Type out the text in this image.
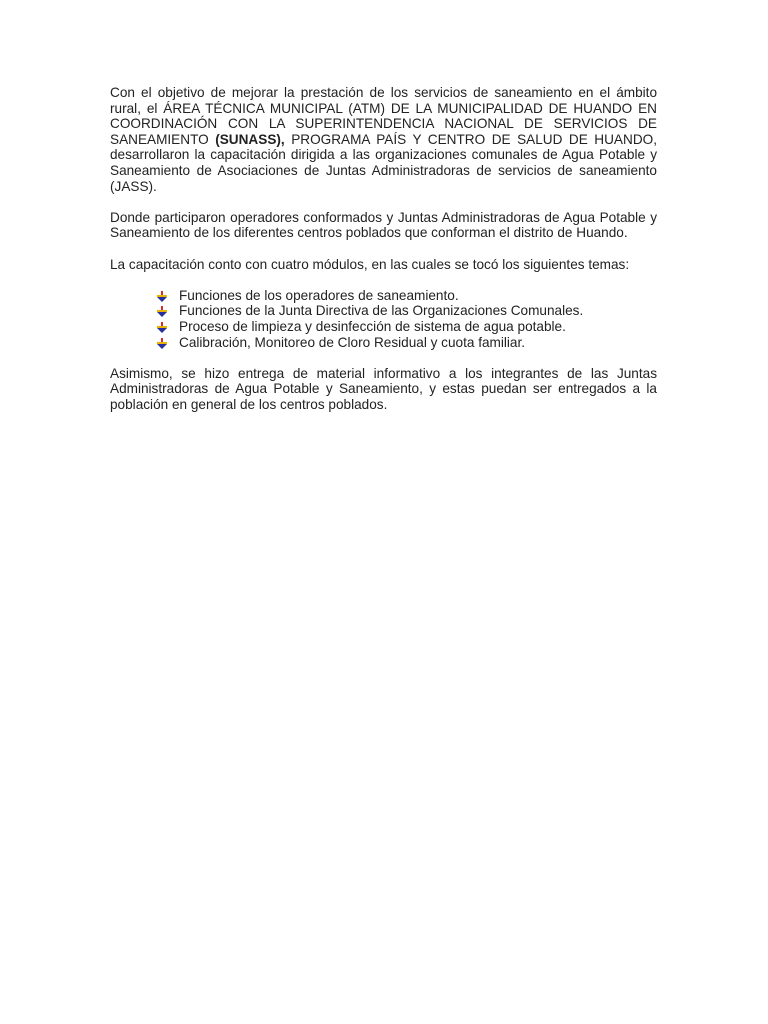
Con el objetivo de mejorar la prestación de los servicios de saneamiento en el ámbito rural, el ÁREA TÉCNICA MUNICIPAL (ATM) DE LA MUNICIPALIDAD DE HUANDO EN COORDINACIÓN CON LA SUPERINTENDENCIA NACIONAL DE SERVICIOS DE SANEAMIENTO (SUNASS), PROGRAMA PAÍS Y CENTRO DE SALUD DE HUANDO, desarrollaron la capacitación dirigida a las organizaciones comunales de Agua Potable y Saneamiento de Asociaciones de Juntas Administradoras de servicios de saneamiento (JASS).

Donde participaron operadores conformados y Juntas Administradoras de Agua Potable y Saneamiento de los diferentes centros poblados que conforman el distrito de Huando.

La capacitación conto con cuatro módulos, en las cuales se tocó los siguientes temas:

Funciones de los operadores de saneamiento.
Funciones de la Junta Directiva de las Organizaciones Comunales.
Proceso de limpieza y desinfección de sistema de agua potable.
Calibración, Monitoreo de Cloro Residual y cuota familiar.

Asimismo, se hizo entrega de material informativo a los integrantes de las Juntas Administradoras de Agua Potable y Saneamiento, y estas puedan ser entregados a la población en general de los centros poblados.
